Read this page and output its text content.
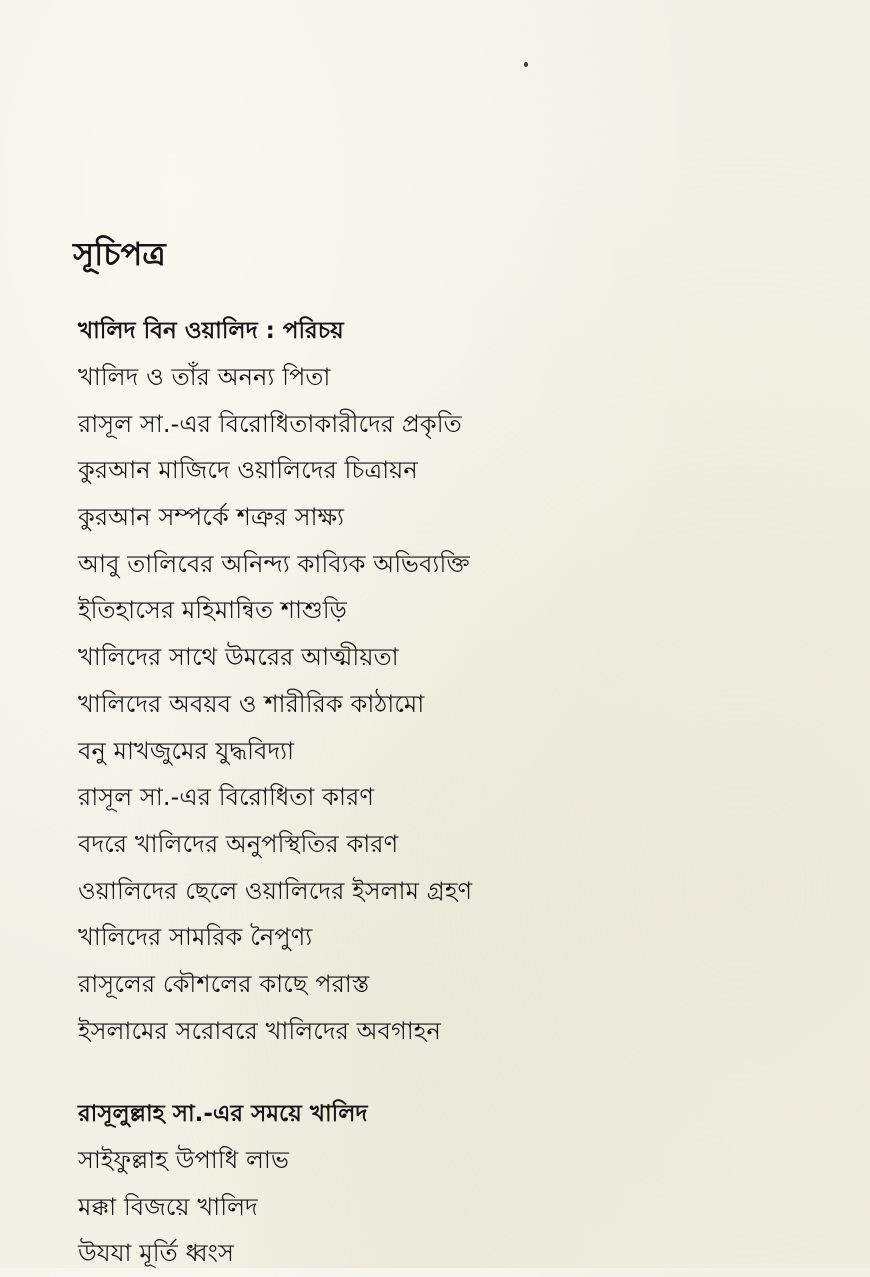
সূচিপত্র
খালিদ বিন ওয়ালিদ : পরিচয়
খালিদ ও তাঁর অনন্য পিতা
রাসূল সা.-এর বিরোধিতাকারীদের প্রকৃতি
কুরআন মাজিদে ওয়ালিদের চিত্রায়ন
কুরআন সম্পর্কে শত্রুর সাক্ষ্য
আবু তালিবের অনিন্দ্য কাব্যিক অভিব্যক্তি
ইতিহাসের মহিমান্বিত শাশুড়ি
খালিদের সাথে উমরের আত্মীয়তা
খালিদের অবয়ব ও শারীরিক কাঠামো
বনু মাখজুমের যুদ্ধবিদ্যা
রাসূল সা.-এর বিরোধিতা কারণ
বদরে খালিদের অনুপস্থিতির কারণ
ওয়ালিদের ছেলে ওয়ালিদের ইসলাম গ্রহণ
খালিদের সামরিক নৈপুণ্য
রাসূলের কৌশলের কাছে পরাস্ত
ইসলামের সরোবরে খালিদের অবগাহন
রাসূলুল্লাহ সা.-এর সময়ে খালিদ
সাইফুল্লাহ উপাধি লাভ
মক্কা বিজয়ে খালিদ
উযযা মূর্তি ধ্বংস
